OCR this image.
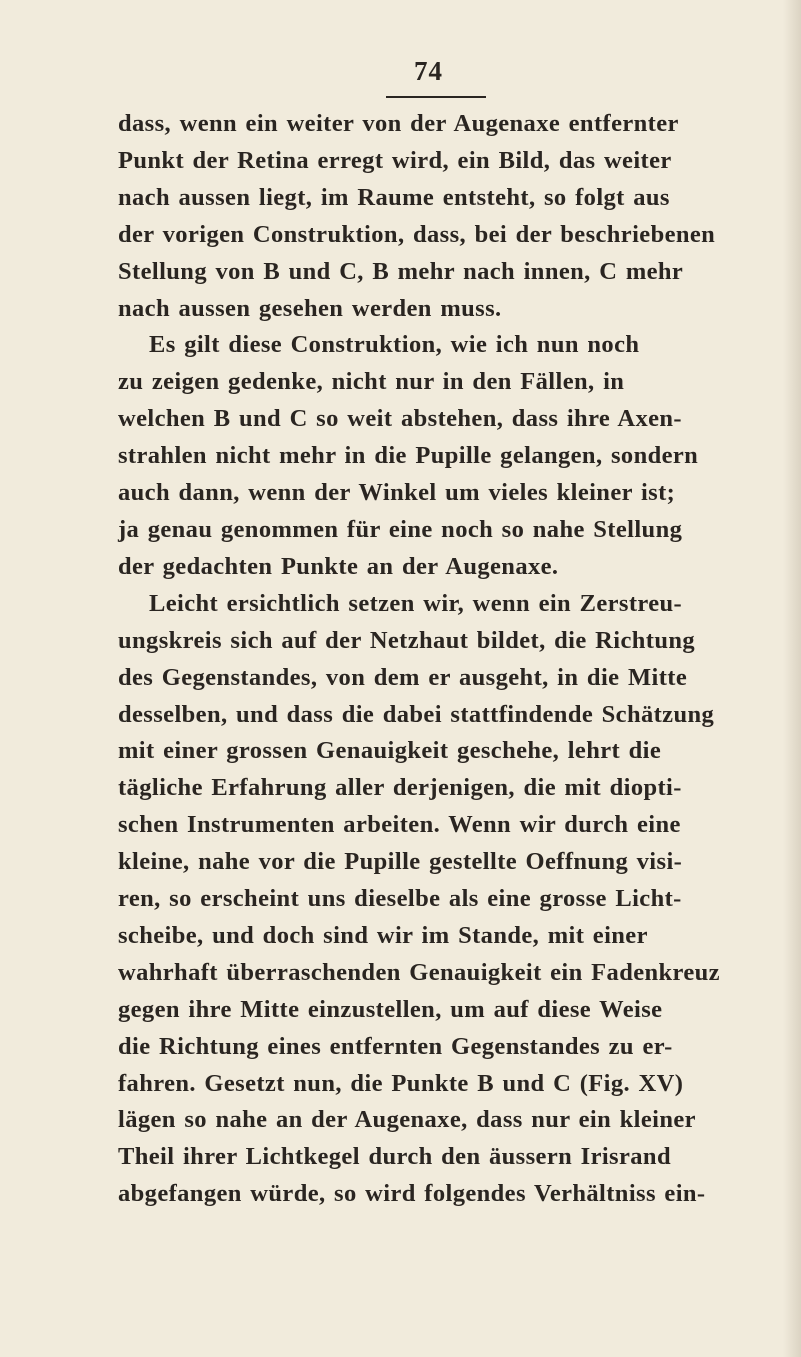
74

dass, wenn ein weiter von der Augenaxe entfernter
Punkt der Retina erregt wird, ein Bild, das weiter
nach aussen liegt, im Raume entsteht, so folgt aus
der vorigen Construktion, dass, bei der beschriebenen
Stellung von B und C, B mehr nach innen, C mehr
nach aussen gesehen werden muss.

Es gilt diese Construktion, wie ich nun noch
zu zeigen gedenke, nicht nur in den Fällen, in
welchen B und C so weit abstehen, dass ihre Axen-
strahlen nicht mehr in die Pupille gelangen, sondern
auch dann, wenn der Winkel um vieles kleiner ist;
ja genau genommen für eine noch so nahe Stellung
der gedachten Punkte an der Augenaxe.

Leicht ersichtlich setzen wir, wenn ein Zerstreu-
ungskreis sich auf der Netzhaut bildet, die Richtung
des Gegenstandes, von dem er ausgeht, in die Mitte
desselben, und dass die dabei stattfindende Schätzung
mit einer grossen Genauigkeit geschehe, lehrt die
tägliche Erfahrung aller derjenigen, die mit diopti-
schen Instrumenten arbeiten. Wenn wir durch eine
kleine, nahe vor die Pupille gestellte Oeffnung visi-
ren, so erscheint uns dieselbe als eine grosse Licht-
scheibe, und doch sind wir im Stande, mit einer
wahrhaft überraschenden Genauigkeit ein Fadenkreuz
gegen ihre Mitte einzustellen, um auf diese Weise
die Richtung eines entfernten Gegenstandes zu er-
fahren. Gesetzt nun, die Punkte B und C (Fig. XV)
lägen so nahe an der Augenaxe, dass nur ein kleiner
Theil ihrer Lichtkegel durch den äussern Irisrand
abgefangen würde, so wird folgendes Verhältniss ein-
